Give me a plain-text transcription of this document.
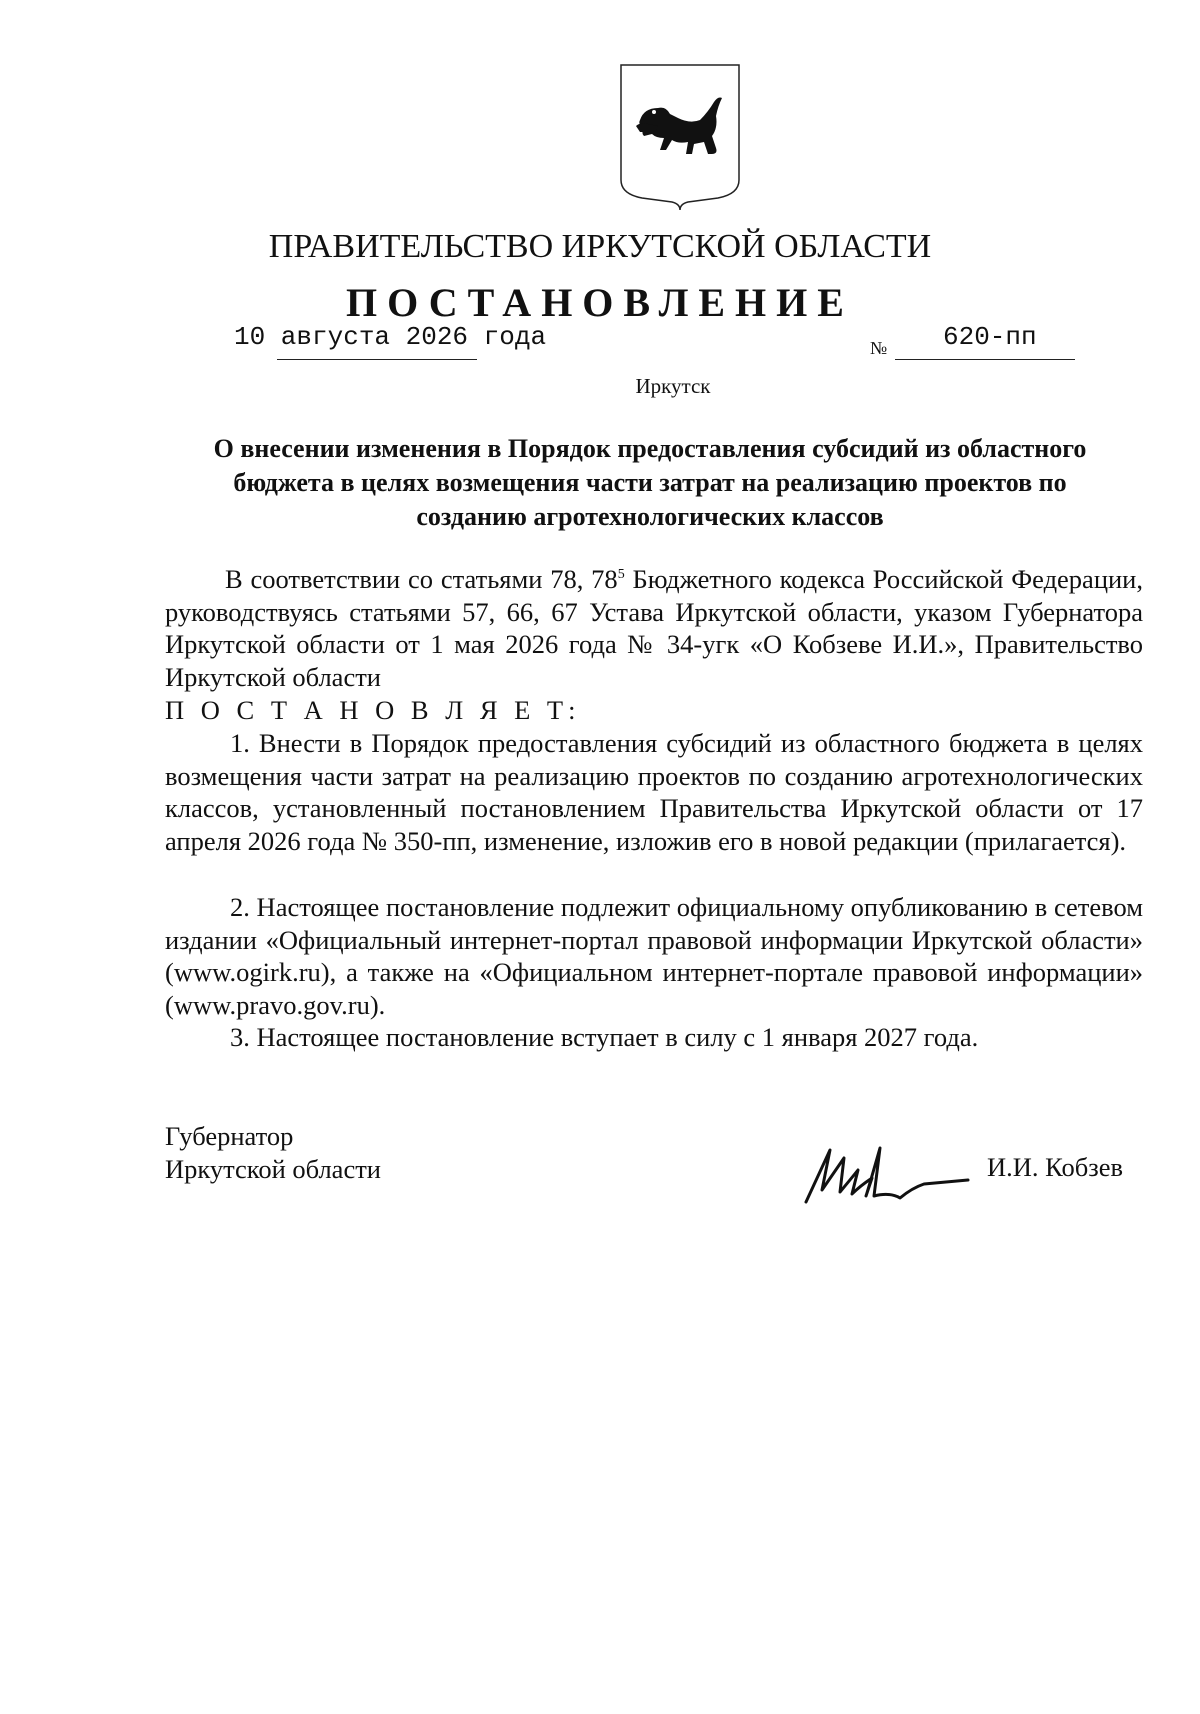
ПРАВИТЕЛЬСТВО ИРКУТСКОЙ ОБЛАСТИ
ПОСТАНОВЛЕНИЕ
10 августа 2026 года	№ 620-пп
Иркутск
О внесении изменения в Порядок предоставления субсидий из областного
бюджета в целях возмещения части затрат на реализацию проектов по
созданию агротехнологических классов
В соответствии со статьями 78, $78^5$ Бюджетного кодекса Российской Федерации, руководствуясь статьями 57, 66, 67 Устава Иркутской области, указом Губернатора Иркутской области от 1 мая 2026 года № 34-угк «О Кобзеве И.И.», Правительство Иркутской области
П О С Т А Н О В Л Я Е Т:
1. Внести в Порядок предоставления субсидий из областного бюджета в целях возмещения части затрат на реализацию проектов по созданию агротехнологических классов, установленный постановлением Правительства Иркутской области от 17 апреля 2026 года № 350-пп, изменение, изложив его в новой редакции (прилагается).
2. Настоящее постановление подлежит официальному опубликованию в сетевом издании «Официальный интернет-портал правовой информации Иркутской области» (www.ogirk.ru), а также на «Официальном интернет-портале правовой информации» (www.pravo.gov.ru).
3. Настоящее постановление вступает в силу с 1 января 2027 года.
Губернатор
Иркутской области	И.И. Кобзев
